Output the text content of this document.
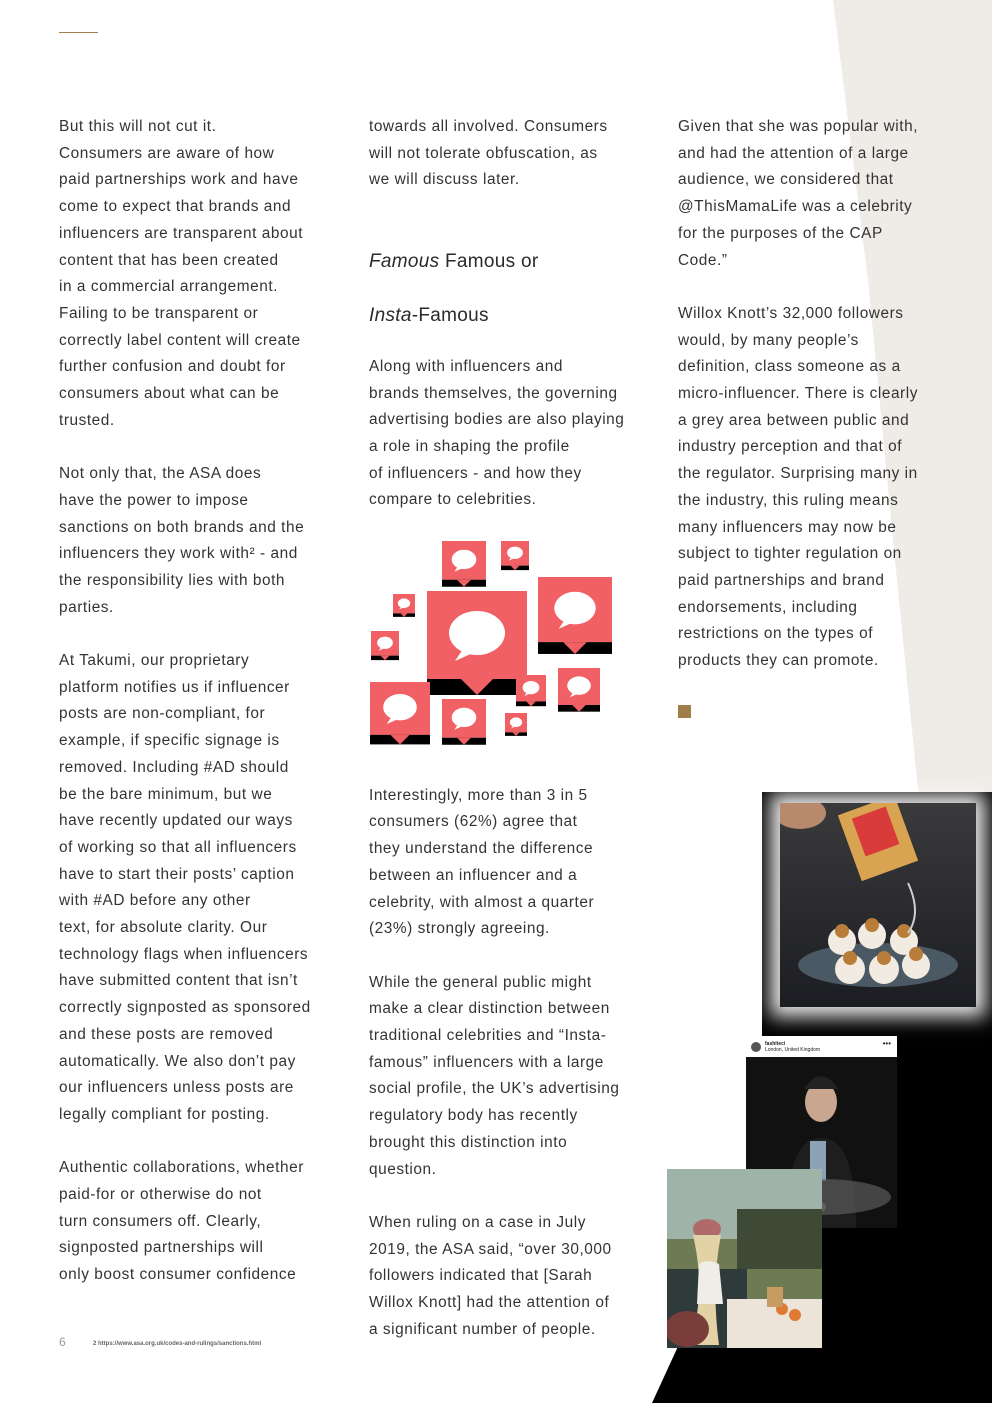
But this will not cut it.
Consumers are aware of how
paid partnerships work and have
come to expect that brands and
influencers are transparent about
content that has been created
in a commercial arrangement.
Failing to be transparent or
correctly label content will create
further confusion and doubt for
consumers about what can be
trusted.

Not only that, the ASA does
have the power to impose
sanctions on both brands and the
influencers they work with² - and
the responsibility lies with both
parties.

At Takumi, our proprietary
platform notifies us if influencer
posts are non-compliant, for
example, if specific signage is
removed. Including #AD should
be the bare minimum, but we
have recently updated our ways
of working so that all influencers
have to start their posts’ caption
with #AD before any other
text, for absolute clarity. Our
technology flags when influencers
have submitted content that isn’t
correctly signposted as sponsored
and these posts are removed
automatically. We also don’t pay
our influencers unless posts are
legally compliant for posting.

Authentic collaborations, whether
paid-for or otherwise do not
turn consumers off. Clearly,
signposted partnerships will
only boost consumer confidence

towards all involved. Consumers
will not tolerate obfuscation, as
we will discuss later.

Famous Famous or

Insta-Famous

Along with influencers and
brands themselves, the governing
advertising bodies are also playing
a role in shaping the profile
of influencers - and how they
compare to celebrities.

Interestingly, more than 3 in 5
consumers (62%) agree that
they understand the difference
between an influencer and a
celebrity, with almost a quarter
(23%) strongly agreeing.

While the general public might
make a clear distinction between
traditional celebrities and “Insta-
famous” influencers with a large
social profile, the UK’s advertising
regulatory body has recently
brought this distinction into
question.

When ruling on a case in July
2019, the ASA said, “over 30,000
followers indicated that [Sarah
Willox Knott] had the attention of
a significant number of people.

Given that she was popular with,
and had the attention of a large
audience, we considered that
@ThisMamaLife was a celebrity
for the purposes of the CAP
Code.”

Willox Knott’s 32,000 followers
would, by many people’s
definition, class someone as a
micro-influencer. There is clearly
a grey area between public and
industry perception and that of
the regulator. Surprising many in
the industry, this ruling means
many influencers may now be
subject to tighter regulation on
paid partnerships and brand
endorsements, including
restrictions on the types of
products they can promote.

fashiteci
London, United Kingdom
•••
6	2 https://www.asa.org.uk/codes-and-rulings/sanctions.html
